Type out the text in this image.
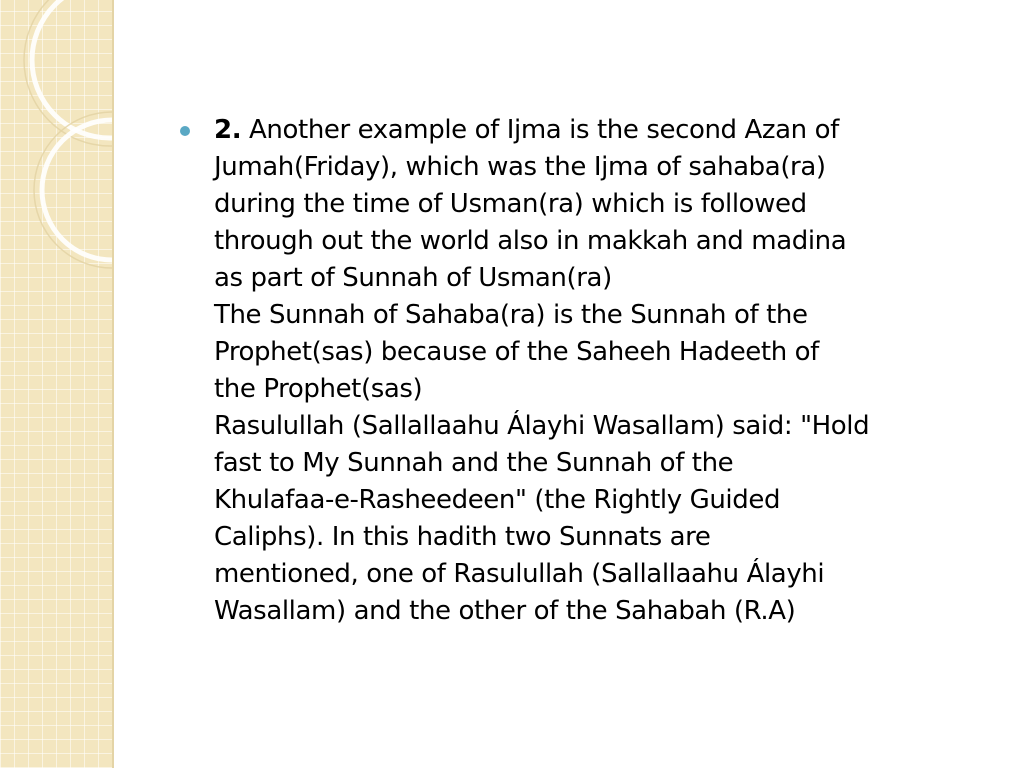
2. Another example of Ijma is the second Azan of
Jumah(Friday), which was the Ijma of sahaba(ra)
during the time of Usman(ra) which is followed
through out the world also in makkah and madina
as part of Sunnah of Usman(ra)
The Sunnah of Sahaba(ra) is the Sunnah of the
Prophet(sas) because of the Saheeh Hadeeth of
the Prophet(sas)
Rasulullah (Sallallaahu Álayhi Wasallam) said: "Hold
fast to My Sunnah and the Sunnah of the
Khulafaa-e-Rasheedeen" (the Rightly Guided
Caliphs). In this hadith two Sunnats are
mentioned, one of Rasulullah (Sallallaahu Álayhi
Wasallam) and the other of the Sahabah (R.A)
